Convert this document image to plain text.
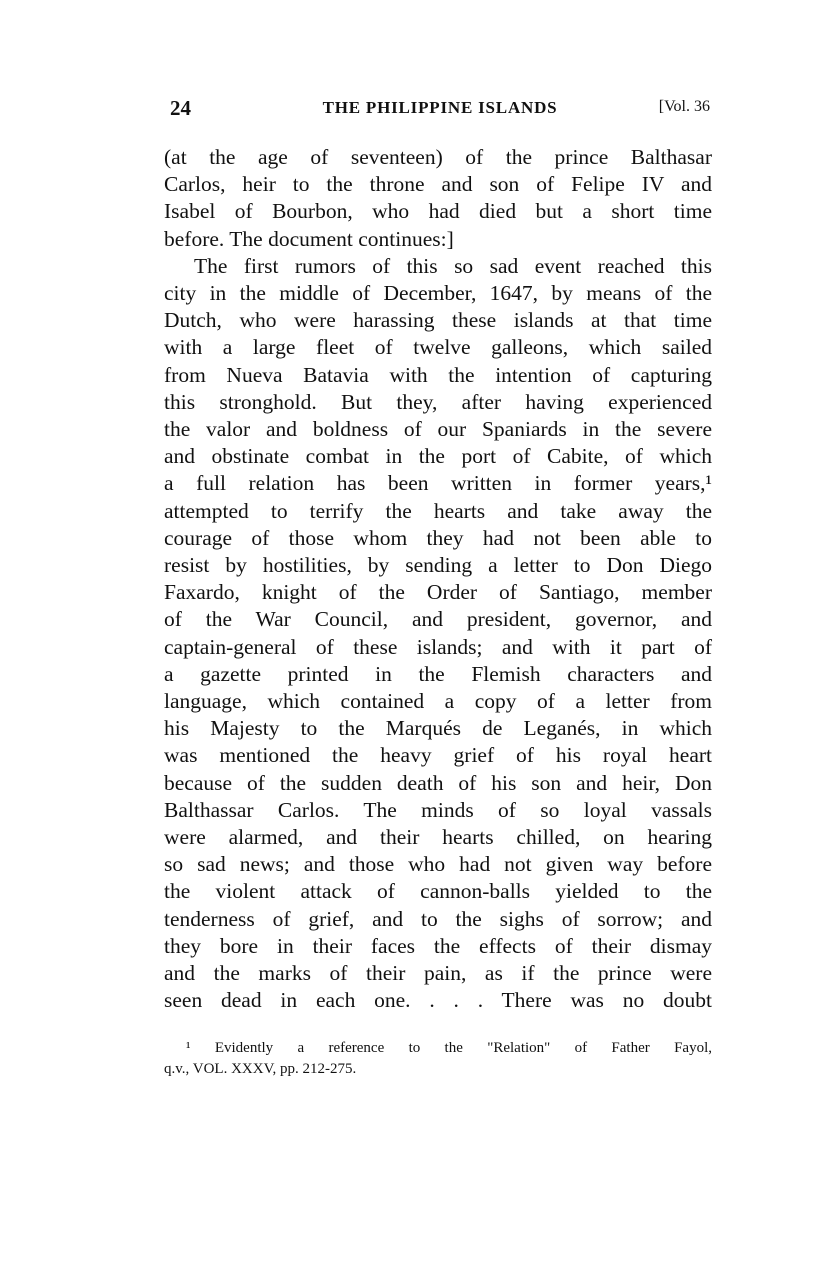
24	THE PHILIPPINE ISLANDS	[Vol. 36
(at the age of seventeen) of the prince Balthasar
Carlos, heir to the throne and son of Felipe IV and
Isabel of Bourbon, who had died but a short time
before. The document continues:]
The first rumors of this so sad event reached this
city in the middle of December, 1647, by means of the
Dutch, who were harassing these islands at that time
with a large fleet of twelve galleons, which sailed
from Nueva Batavia with the intention of capturing
this stronghold. But they, after having experienced
the valor and boldness of our Spaniards in the severe
and obstinate combat in the port of Cabite, of which
a full relation has been written in former years,¹
attempted to terrify the hearts and take away the
courage of those whom they had not been able to
resist by hostilities, by sending a letter to Don Diego
Faxardo, knight of the Order of Santiago, member
of the War Council, and president, governor, and
captain-general of these islands; and with it part of
a gazette printed in the Flemish characters and
language, which contained a copy of a letter from
his Majesty to the Marqués de Leganés, in which
was mentioned the heavy grief of his royal heart
because of the sudden death of his son and heir, Don
Balthassar Carlos. The minds of so loyal vassals
were alarmed, and their hearts chilled, on hearing
so sad news; and those who had not given way before
the violent attack of cannon-balls yielded to the
tenderness of grief, and to the sighs of sorrow; and
they bore in their faces the effects of their dismay
and the marks of their pain, as if the prince were
seen dead in each one. . . . There was no doubt
¹ Evidently a reference to the "Relation" of Father Fayol,
q.v., VOL. XXXV, pp. 212-275.
